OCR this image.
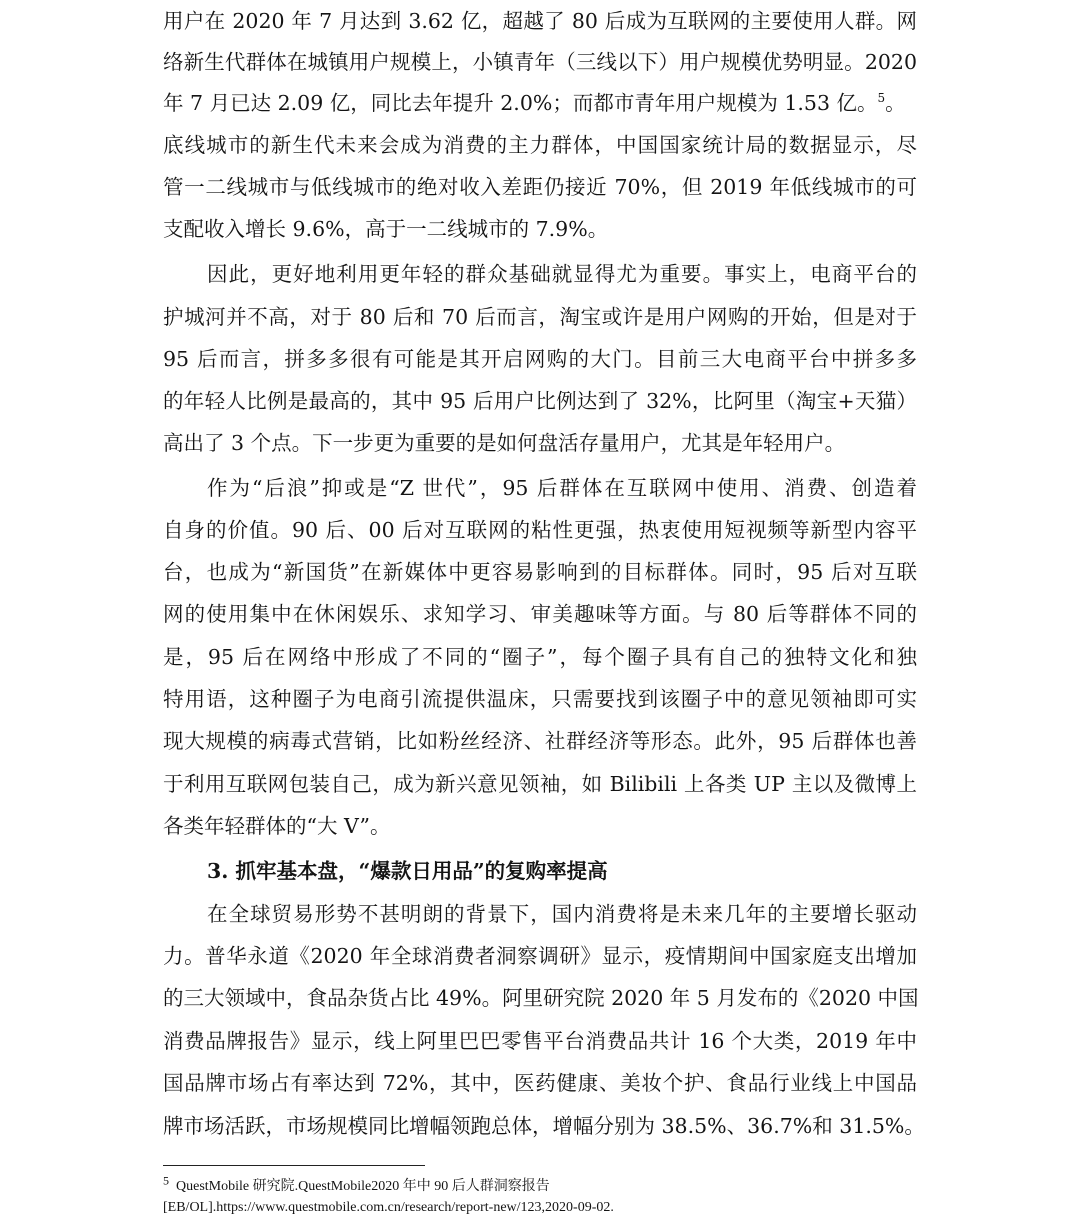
用户在 2020 年 7 月达到 3.62 亿，超越了 80 后成为互联网的主要使用人群。网
络新生代群体在城镇用户规模上，小镇青年（三线以下）用户规模优势明显。2020
年 7 月已达 2.09 亿，同比去年提升 2.0%；而都市青年用户规模为 1.53 亿。$^5$。
底线城市的新生代未来会成为消费的主力群体，中国国家统计局的数据显示，尽
管一二线城市与低线城市的绝对收入差距仍接近 70%，但 2019 年低线城市的可
支配收入增长 9.6%，高于一二线城市的 7.9%。
因此，更好地利用更年轻的群众基础就显得尤为重要。事实上，电商平台的
护城河并不高，对于 80 后和 70 后而言，淘宝或许是用户网购的开始，但是对于
95 后而言，拼多多很有可能是其开启网购的大门。目前三大电商平台中拼多多
的年轻人比例是最高的，其中 95 后用户比例达到了 32%，比阿里（淘宝+天猫）
高出了 3 个点。下一步更为重要的是如何盘活存量用户，尤其是年轻用户。
作为“后浪”抑或是“Z 世代”，95 后群体在互联网中使用、消费、创造着
自身的价值。90 后、00 后对互联网的粘性更强，热衷使用短视频等新型内容平
台，也成为“新国货”在新媒体中更容易影响到的目标群体。同时，95 后对互联
网的使用集中在休闲娱乐、求知学习、审美趣味等方面。与 80 后等群体不同的
是，95 后在网络中形成了不同的“圈子”，每个圈子具有自己的独特文化和独
特用语，这种圈子为电商引流提供温床，只需要找到该圈子中的意见领袖即可实
现大规模的病毒式营销，比如粉丝经济、社群经济等形态。此外，95 后群体也善
于利用互联网包装自己，成为新兴意见领袖，如 Bilibili 上各类 UP 主以及微博上
各类年轻群体的“大 V”。
3. 抓牢基本盘，“爆款日用品”的复购率提高
在全球贸易形势不甚明朗的背景下，国内消费将是未来几年的主要增长驱动
力。普华永道《2020 年全球消费者洞察调研》显示，疫情期间中国家庭支出增加
的三大领域中，食品杂货占比 49%。阿里研究院 2020 年 5 月发布的《2020 中国
消费品牌报告》显示，线上阿里巴巴零售平台消费品共计 16 个大类，2019 年中
国品牌市场占有率达到 72%，其中，医药健康、美妆个护、食品行业线上中国品
牌市场活跃，市场规模同比增幅领跑总体，增幅分别为 38.5%、36.7%和 31.5%。
$^5$ QuestMobile 研究院.QuestMobile2020 年中 90 后人群洞察报告
[EB/OL].https://www.questmobile.com.cn/research/report-new/123,2020-09-02.
